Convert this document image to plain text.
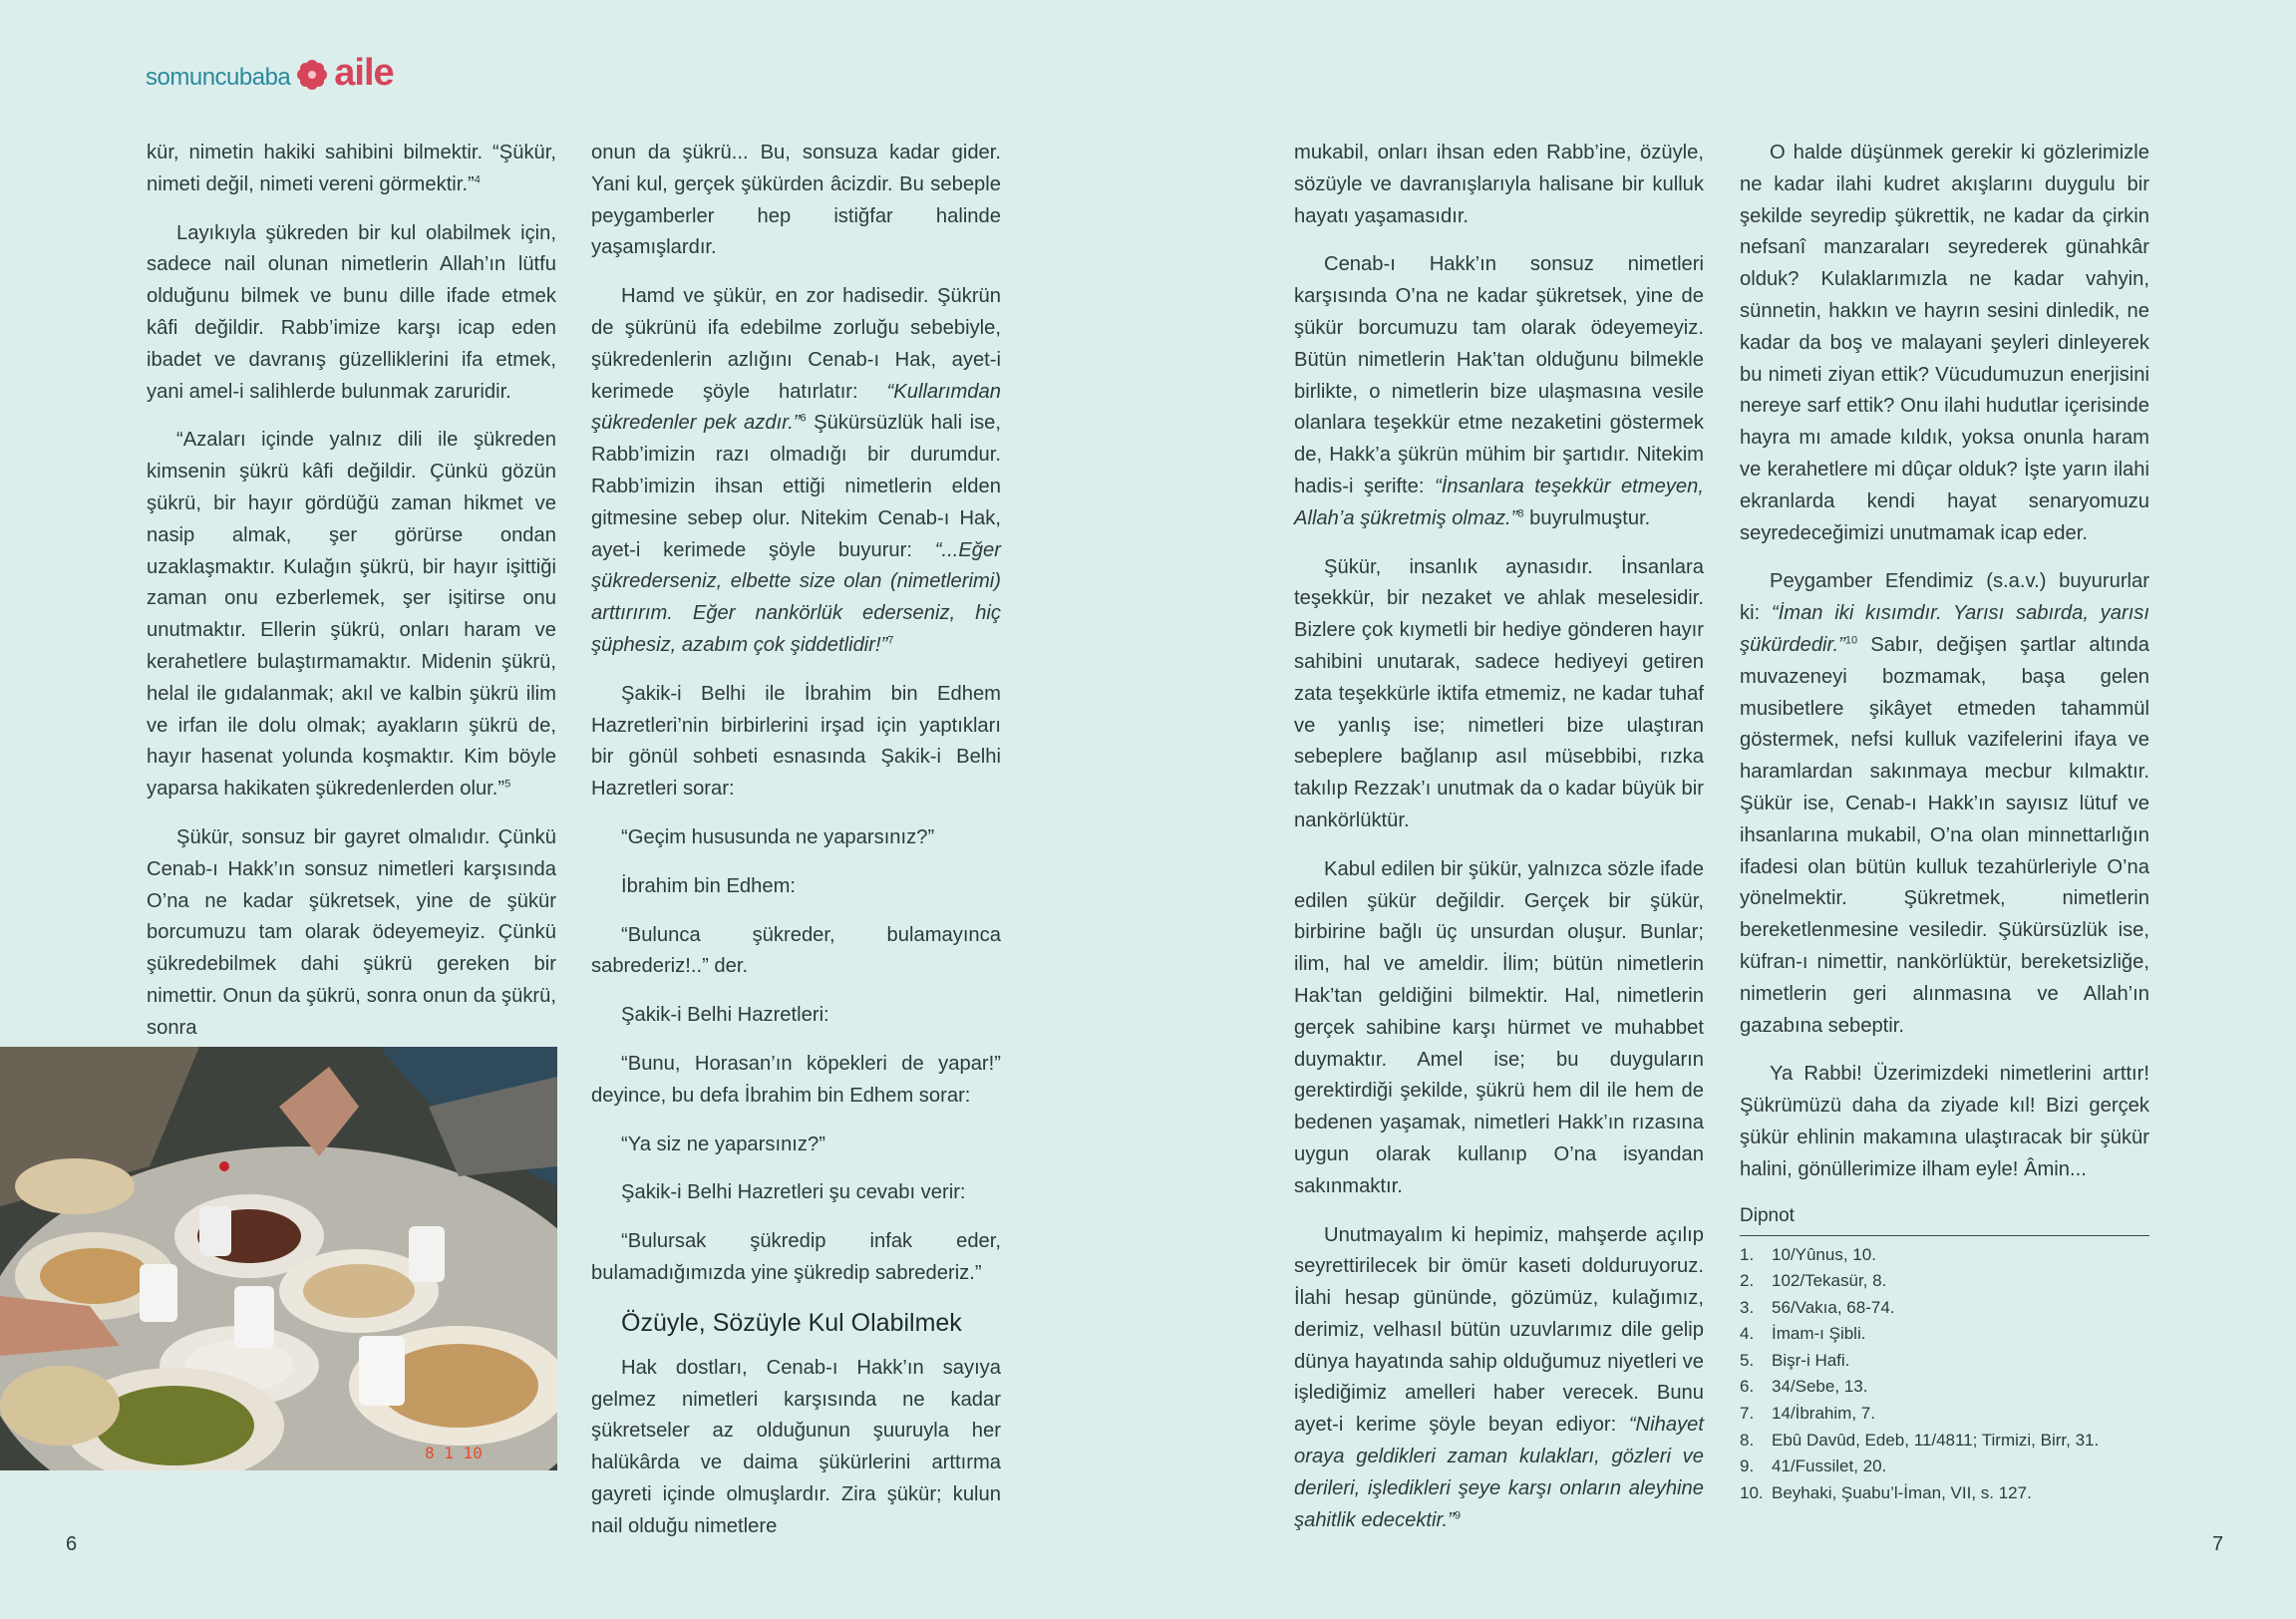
somuncubaba aile

kür, nimetin hakiki sahibini bilmektir. “Şükür, nimeti değil, nimeti vereni görmektir.”$^4$

Layıkıyla şükreden bir kul olabilmek için, sadece nail olunan nimetlerin Allah’ın lütfu olduğunu bilmek ve bunu dille ifade etmek kâfi değildir. Rabb’imize karşı icap eden ibadet ve davranış güzelliklerini ifa etmek, yani amel-i salihlerde bulunmak zaruridir.

“Azaları içinde yalnız dili ile şükreden kimsenin şükrü kâfi değildir. Çünkü gözün şükrü, bir hayır gördüğü zaman hikmet ve nasip almak, şer görürse ondan uzaklaşmaktır. Kulağın şükrü, bir hayır işittiği zaman onu ezberlemek, şer işitirse onu unutmaktır. Ellerin şükrü, onları haram ve kerahetlere bulaştırmamaktır. Midenin şükrü, helal ile gıdalanmak; akıl ve kalbin şükrü ilim ve irfan ile dolu olmak; ayakların şükrü de, hayır hasenat yolunda koşmaktır. Kim böyle yaparsa hakikaten şükredenlerden olur.”$^5$

Şükür, sonsuz bir gayret olmalıdır. Çünkü Cenab-ı Hakk’ın sonsuz nimetleri karşısında O’na ne kadar şükretsek, yine de şükür borcumuzu tam olarak ödeyemeyiz. Çünkü şükredebilmek dahi şükrü gereken bir nimettir. Onun da şükrü, sonra onun da şükrü, sonra

8 1 10

onun da şükrü... Bu, sonsuza kadar gider. Yani kul, gerçek şükürden âcizdir. Bu sebeple peygamberler hep istiğfar halinde yaşamışlardır.

Hamd ve şükür, en zor hadisedir. Şükrün de şükrünü ifa edebilme zorluğu sebebiyle, şükredenlerin azlığını Cenab-ı Hak, ayet-i kerimede şöyle hatırlatır: “Kullarımdan şükredenler pek azdır.”$^6$ Şükürsüzlük hali ise, Rabb’imizin razı olmadığı bir durumdur. Rabb’imizin ihsan ettiği nimetlerin elden gitmesine sebep olur. Nitekim Cenab-ı Hak, ayet-i kerimede şöyle buyurur: “...Eğer şükrederseniz, elbette size olan (nimetlerimi) arttırırım. Eğer nankörlük ederseniz, hiç şüphesiz, azabım çok şiddetlidir!”$^7$

Şakik-i Belhi ile İbrahim bin Edhem Hazretleri’nin birbirlerini irşad için yaptıkları bir gönül sohbeti esnasında Şakik-i Belhi Hazretleri sorar:

“Geçim hususunda ne yaparsınız?”

İbrahim bin Edhem:

“Bulunca şükreder, bulamayınca sabrederiz!..” der.

Şakik-i Belhi Hazretleri:

“Bunu, Horasan’ın köpekleri de yapar!” deyince, bu defa İbrahim bin Edhem sorar:

“Ya siz ne yaparsınız?”

Şakik-i Belhi Hazretleri şu cevabı verir:

“Bulursak şükredip infak eder, bulamadığımızda yine şükredip sabrederiz.”

Özüyle, Sözüyle Kul Olabilmek

Hak dostları, Cenab-ı Hakk’ın sayıya gelmez nimetleri karşısında ne kadar şükretseler az olduğunun şuuruyla her halükârda ve daima şükürlerini arttırma gayreti içinde olmuşlardır. Zira şükür; kulun nail olduğu nimetlere

mukabil, onları ihsan eden Rabb’ine, özüyle, sözüyle ve davranışlarıyla halisane bir kulluk hayatı yaşamasıdır.

Cenab-ı Hakk’ın sonsuz nimetleri karşısında O’na ne kadar şükretsek, yine de şükür borcumuzu tam olarak ödeyemeyiz. Bütün nimetlerin Hak’tan olduğunu bilmekle birlikte, o nimetlerin bize ulaşmasına vesile olanlara teşekkür etme nezaketini göstermek de, Hakk’a şükrün mühim bir şartıdır. Nitekim hadis-i şerifte: “İnsanlara teşekkür etmeyen, Allah’a şükretmiş olmaz.”$^8$ buyrulmuştur.

Şükür, insanlık aynasıdır. İnsanlara teşekkür, bir nezaket ve ahlak meselesidir. Bizlere çok kıymetli bir hediye gönderen hayır sahibini unutarak, sadece hediyeyi getiren zata teşekkürle iktifa etmemiz, ne kadar tuhaf ve yanlış ise; nimetleri bize ulaştıran sebeplere bağlanıp asıl müsebbibi, rızka takılıp Rezzak’ı unutmak da o kadar büyük bir nankörlüktür.

Kabul edilen bir şükür, yalnızca sözle ifade edilen şükür değildir. Gerçek bir şükür, birbirine bağlı üç unsurdan oluşur. Bunlar; ilim, hal ve ameldir. İlim; bütün nimetlerin Hak’tan geldiğini bilmektir. Hal, nimetlerin gerçek sahibine karşı hürmet ve muhabbet duymaktır. Amel ise; bu duyguların gerektirdiği şekilde, şükrü hem dil ile hem de bedenen yaşamak, nimetleri Hakk’ın rızasına uygun olarak kullanıp O’na isyandan sakınmaktır.

Unutmayalım ki hepimiz, mahşerde açılıp seyrettirilecek bir ömür kaseti dolduruyoruz. İlahi hesap gününde, gözümüz, kulağımız, derimiz, velhasıl bütün uzuvlarımız dile gelip dünya hayatında sahip olduğumuz niyetleri ve işlediğimiz amelleri haber verecek. Bunu ayet-i kerime şöyle beyan ediyor: “Nihayet oraya geldikleri zaman kulakları, gözleri ve derileri, işledikleri şeye karşı onların aleyhine şahitlik edecektir.”$^9$

O halde düşünmek gerekir ki gözlerimizle ne kadar ilahi kudret akışlarını duygulu bir şekilde seyredip şükrettik, ne kadar da çirkin nefsanî manzaraları seyrederek günahkâr olduk? Kulaklarımızla ne kadar vahyin, sünnetin, hakkın ve hayrın sesini dinledik, ne kadar da boş ve malayani şeyleri dinleyerek bu nimeti ziyan ettik? Vücudumuzun enerjisini nereye sarf ettik? Onu ilahi hudutlar içerisinde hayra mı amade kıldık, yoksa onunla haram ve kerahetlere mi dûçar olduk? İşte yarın ilahi ekranlarda kendi hayat senaryomuzu seyredeceğimizi unutmamak icap eder.

Peygamber Efendimiz (s.a.v.) buyururlar ki: “İman iki kısımdır. Yarısı sabırda, yarısı şükürdedir.”$^{10}$ Sabır, değişen şartlar altında muvazeneyi bozmamak, başa gelen musibetlere şikâyet etmeden tahammül göstermek, nefsi kulluk vazifelerini ifaya ve haramlardan sakınmaya mecbur kılmaktır. Şükür ise, Cenab-ı Hakk’ın sayısız lütuf ve ihsanlarına mukabil, O’na olan minnettarlığın ifadesi olan bütün kulluk tezahürleriyle O’na yönelmektir. Şükretmek, nimetlerin bereketlenmesine vesiledir. Şükürsüzlük ise, küfran-ı nimettir, nankörlüktür, bereketsizliğe, nimetlerin geri alınmasına ve Allah’ın gazabına sebeptir.

Ya Rabbi! Üzerimizdeki nimetlerini arttır! Şükrümüzü daha da ziyade kıl! Bizi gerçek şükür ehlinin makamına ulaştıracak bir şükür halini, gönüllerimize ilham eyle! Âmin...

Dipnot
1.	10/Yûnus, 10.
2.	102/Tekasür, 8.
3.	56/Vakıa, 68-74.
4.	İmam-ı Şibli.
5.	Bişr-i Hafi.
6.	34/Sebe, 13.
7.	14/İbrahim, 7.
8.	Ebû Davûd, Edeb, 11/4811; Tirmizi, Birr, 31.
9.	41/Fussilet, 20.
10. Beyhaki, Şuabu’l-İman, VII, s. 127.
6	7
